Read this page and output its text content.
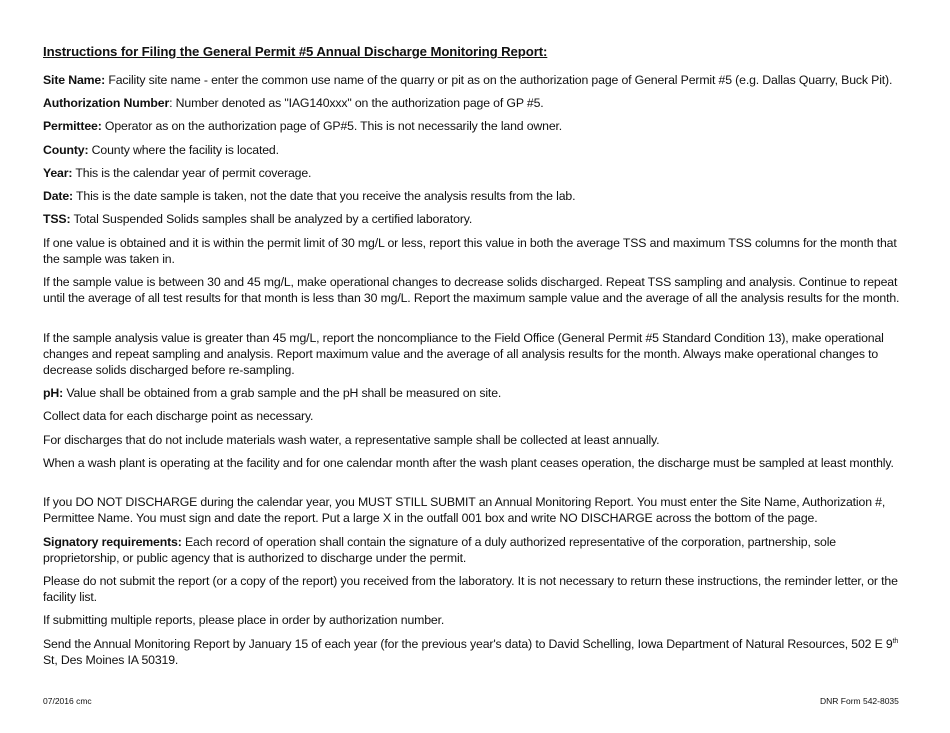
Instructions for Filing the General Permit #5 Annual Discharge Monitoring Report:
Site Name: Facility site name - enter the common use name of the quarry or pit as on the authorization page of General Permit #5 (e.g. Dallas Quarry, Buck Pit).
Authorization Number: Number denoted as "IAG140xxx" on the authorization page of GP #5.
Permittee: Operator as on the authorization page of GP#5. This is not necessarily the land owner.
County: County where the facility is located.
Year: This is the calendar year of permit coverage.
Date: This is the date sample is taken, not the date that you receive the analysis results from the lab.
TSS: Total Suspended Solids samples shall be analyzed by a certified laboratory.
If one value is obtained and it is within the permit limit of 30 mg/L or less, report this value in both the average TSS and maximum TSS columns for the month that the sample was taken in.
If the sample value is between 30 and 45 mg/L, make operational changes to decrease solids discharged. Repeat TSS sampling and analysis. Continue to repeat until the average of all test results for that month is less than 30 mg/L. Report the maximum sample value and the average of all the analysis results for the month.
If the sample analysis value is greater than 45 mg/L, report the noncompliance to the Field Office (General Permit #5 Standard Condition 13), make operational changes and repeat sampling and analysis. Report maximum value and the average of all analysis results for the month. Always make operational changes to decrease solids discharged before re-sampling.
pH: Value shall be obtained from a grab sample and the pH shall be measured on site.
Collect data for each discharge point as necessary.
For discharges that do not include materials wash water, a representative sample shall be collected at least annually.
When a wash plant is operating at the facility and for one calendar month after the wash plant ceases operation, the discharge must be sampled at least monthly.
If you DO NOT DISCHARGE during the calendar year, you MUST STILL SUBMIT an Annual Monitoring Report. You must enter the Site Name, Authorization #, Permittee Name. You must sign and date the report. Put a large X in the outfall 001 box and write NO DISCHARGE across the bottom of the page.
Signatory requirements: Each record of operation shall contain the signature of a duly authorized representative of the corporation, partnership, sole proprietorship, or public agency that is authorized to discharge under the permit.
Please do not submit the report (or a copy of the report) you received from the laboratory. It is not necessary to return these instructions, the reminder letter, or the facility list.
If submitting multiple reports, please place in order by authorization number.
Send the Annual Monitoring Report by January 15 of each year (for the previous year's data) to David Schelling, Iowa Department of Natural Resources, 502 E 9th St, Des Moines IA 50319.
07/2016 cmc	DNR Form 542-8035
